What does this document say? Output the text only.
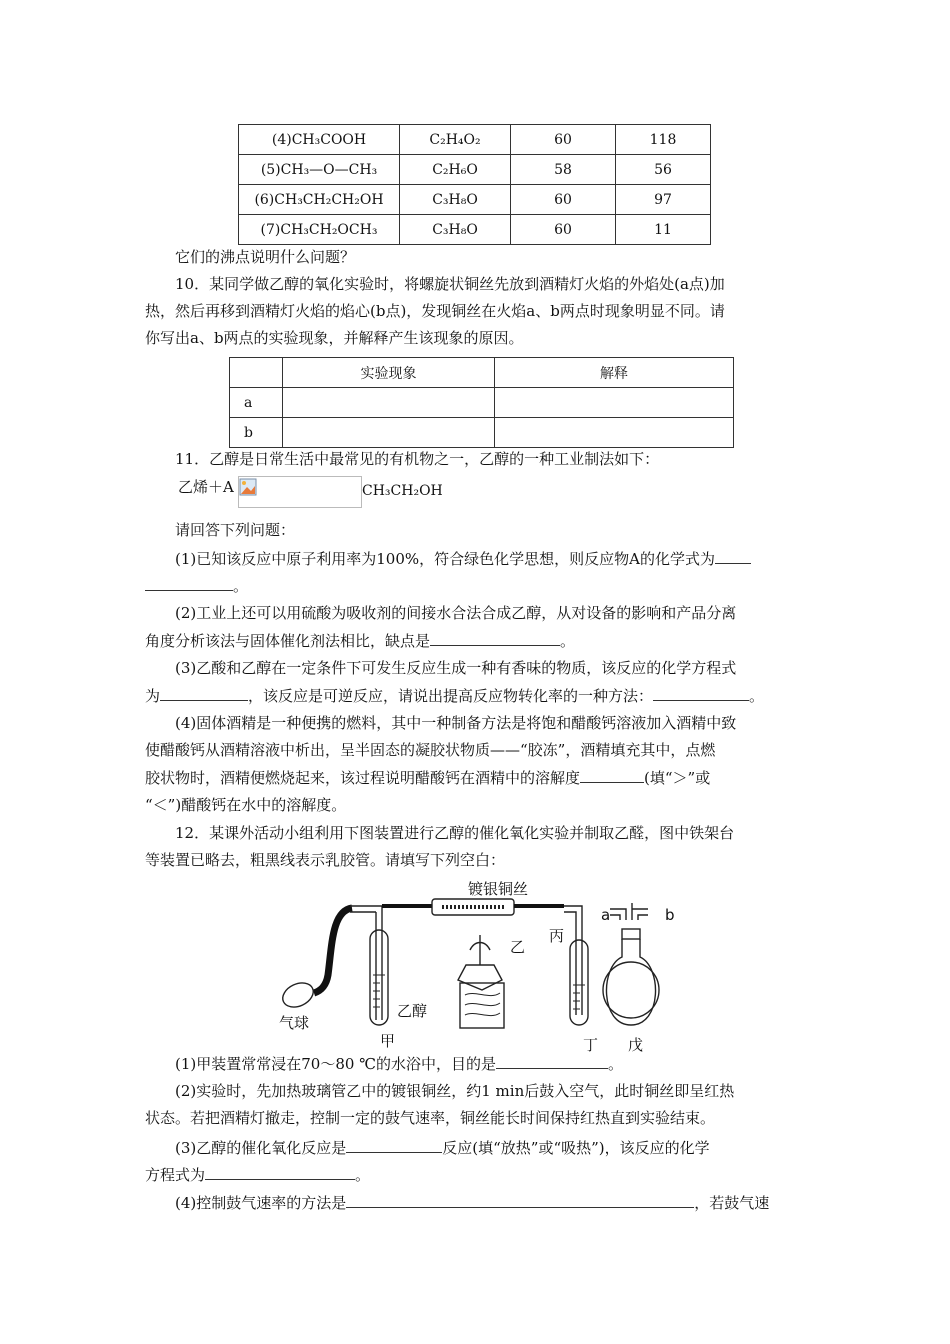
(4)CH₃COOH	C₂H₄O₂	60	118
(5)CH₃—O—CH₃	C₂H₆O	58	56
(6)CH₃CH₂CH₂OH	C₃H₈O	60	97
(7)CH₃CH₂OCH₃	C₃H₈O	60	11
它们的沸点说明什么问题？
10．某同学做乙醇的氧化实验时，将螺旋状铜丝先放到酒精灯火焰的外焰处(a点)加
热，然后再移到酒精灯火焰的焰心(b点)，发现铜丝在火焰a、b两点时现象明显不同。请
你写出a、b两点的实验现象，并解释产生该现象的原因。
	实验现象	解释
a		
b		
11．乙醇是日常生活中最常见的有机物之一，乙醇的一种工业制法如下：
乙烯＋A	CH₃CH₂OH
请回答下列问题：
(1)已知该反应中原子利用率为100%，符合绿色化学思想，则反应物A的化学式为
。
(2)工业上还可以用硫酸为吸收剂的间接水合法合成乙醇，从对设备的影响和产品分离
角度分析该法与固体催化剂法相比，缺点是	。
(3)乙酸和乙醇在一定条件下可发生反应生成一种有香味的物质，该反应的化学方程式
为	，该反应是可逆反应，请说出提高反应物转化率的一种方法：	。
(4)固体酒精是一种便携的燃料，其中一种制备方法是将饱和醋酸钙溶液加入酒精中致
使醋酸钙从酒精溶液中析出，呈半固态的凝胶状物质——“胶冻”，酒精填充其中，点燃
胶状物时，酒精便燃烧起来，该过程说明醋酸钙在酒精中的溶解度	(填“＞”或
“＜”)醋酸钙在水中的溶解度。
12．某课外活动小组利用下图装置进行乙醇的催化氧化实验并制取乙醛，图中铁架台
等装置已略去，粗黑线表示乳胶管。请填写下列空白：
镀银铜丝
乙
丙
a	b
气球
乙醇
甲	丁 戊
(1)甲装置常常浸在70～80 ℃的水浴中，目的是	。
(2)实验时，先加热玻璃管乙中的镀银铜丝，约1 min后鼓入空气，此时铜丝即呈红热
状态。若把酒精灯撤走，控制一定的鼓气速率，铜丝能长时间保持红热直到实验结束。
(3)乙醇的催化氧化反应是	反应(填“放热”或“吸热”)，该反应的化学
方程式为	。
(4)控制鼓气速率的方法是	，若鼓气速
